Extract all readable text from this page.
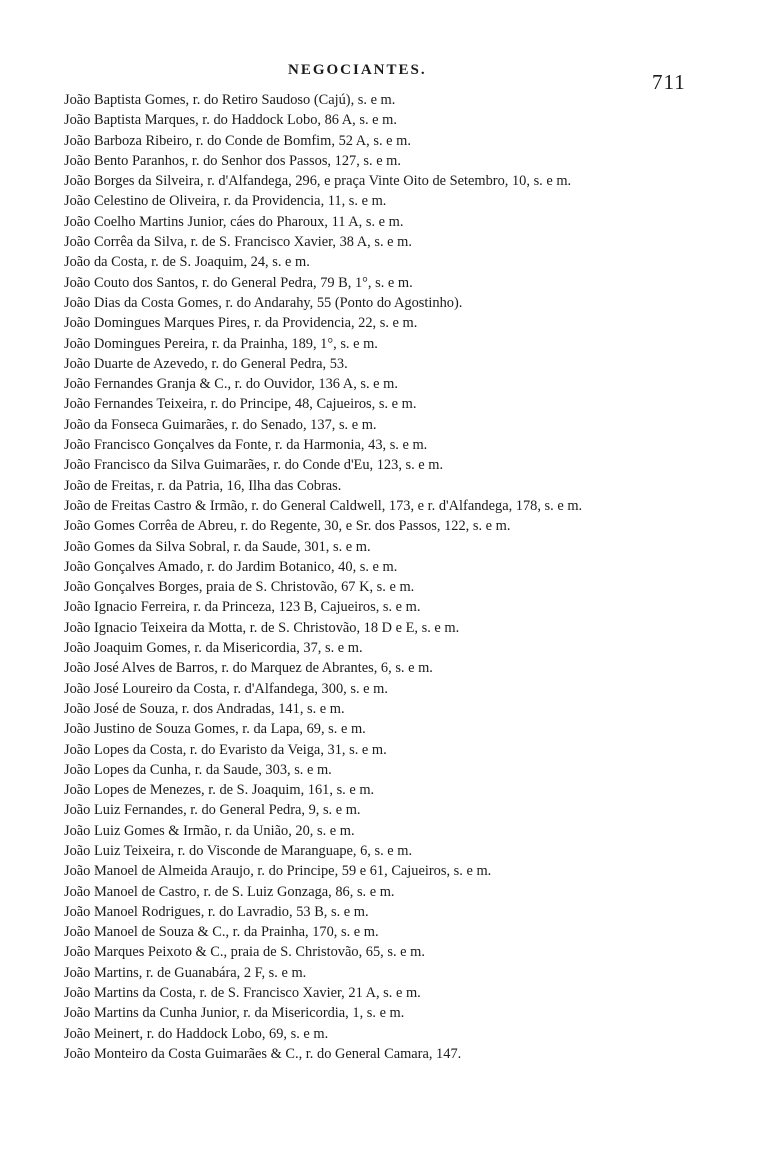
NEGOCIANTES.	711
João Baptista Gomes, r. do Retiro Saudoso (Cajú), s. e m.
João Baptista Marques, r. do Haddock Lobo, 86 A, s. e m.
João Barboza Ribeiro, r. do Conde de Bomfim, 52 A, s. e m.
João Bento Paranhos, r. do Senhor dos Passos, 127, s. e m.
João Borges da Silveira, r. d'Alfandega, 296, e praça Vinte Oito de Setembro, 10, s. e m.
João Celestino de Oliveira, r. da Providencia, 11, s. e m.
João Coelho Martins Junior, cáes do Pharoux, 11 A, s. e m.
João Corrêa da Silva, r. de S. Francisco Xavier, 38 A, s. e m.
João da Costa, r. de S. Joaquim, 24, s. e m.
João Couto dos Santos, r. do General Pedra, 79 B, 1°, s. e m.
João Dias da Costa Gomes, r. do Andarahy, 55 (Ponto do Agostinho).
João Domingues Marques Pires, r. da Providencia, 22, s. e m.
João Domingues Pereira, r. da Prainha, 189, 1°, s. e m.
João Duarte de Azevedo, r. do General Pedra, 53.
João Fernandes Granja & C., r. do Ouvidor, 136 A, s. e m.
João Fernandes Teixeira, r. do Principe, 48, Cajueiros, s. e m.
João da Fonseca Guimarães, r. do Senado, 137, s. e m.
João Francisco Gonçalves da Fonte, r. da Harmonia, 43, s. e m.
João Francisco da Silva Guimarães, r. do Conde d'Eu, 123, s. e m.
João de Freitas, r. da Patria, 16, Ilha das Cobras.
João de Freitas Castro & Irmão, r. do General Caldwell, 173, e r. d'Alfandega, 178, s. e m.
João Gomes Corrêa de Abreu, r. do Regente, 30, e Sr. dos Passos, 122, s. e m.
João Gomes da Silva Sobral, r. da Saude, 301, s. e m.
João Gonçalves Amado, r. do Jardim Botanico, 40, s. e m.
João Gonçalves Borges, praia de S. Christovão, 67 K, s. e m.
João Ignacio Ferreira, r. da Princeza, 123 B, Cajueiros, s. e m.
João Ignacio Teixeira da Motta, r. de S. Christovão, 18 D e E, s. e m.
João Joaquim Gomes, r. da Misericordia, 37, s. e m.
João José Alves de Barros, r. do Marquez de Abrantes, 6, s. e m.
João José Loureiro da Costa, r. d'Alfandega, 300, s. e m.
João José de Souza, r. dos Andradas, 141, s. e m.
João Justino de Souza Gomes, r. da Lapa, 69, s. e m.
João Lopes da Costa, r. do Evaristo da Veiga, 31, s. e m.
João Lopes da Cunha, r. da Saude, 303, s. e m.
João Lopes de Menezes, r. de S. Joaquim, 161, s. e m.
João Luiz Fernandes, r. do General Pedra, 9, s. e m.
João Luiz Gomes & Irmão, r. da União, 20, s. e m.
João Luiz Teixeira, r. do Visconde de Maranguape, 6, s. e m.
João Manoel de Almeida Araujo, r. do Principe, 59 e 61, Cajueiros, s. e m.
João Manoel de Castro, r. de S. Luiz Gonzaga, 86, s. e m.
João Manoel Rodrigues, r. do Lavradio, 53 B, s. e m.
João Manoel de Souza & C., r. da Prainha, 170, s. e m.
João Marques Peixoto & C., praia de S. Christovão, 65, s. e m.
João Martins, r. de Guanabára, 2 F, s. e m.
João Martins da Costa, r. de S. Francisco Xavier, 21 A, s. e m.
João Martins da Cunha Junior, r. da Misericordia, 1, s. e m.
João Meinert, r. do Haddock Lobo, 69, s. e m.
João Monteiro da Costa Guimarães & C., r. do General Camara, 147.
